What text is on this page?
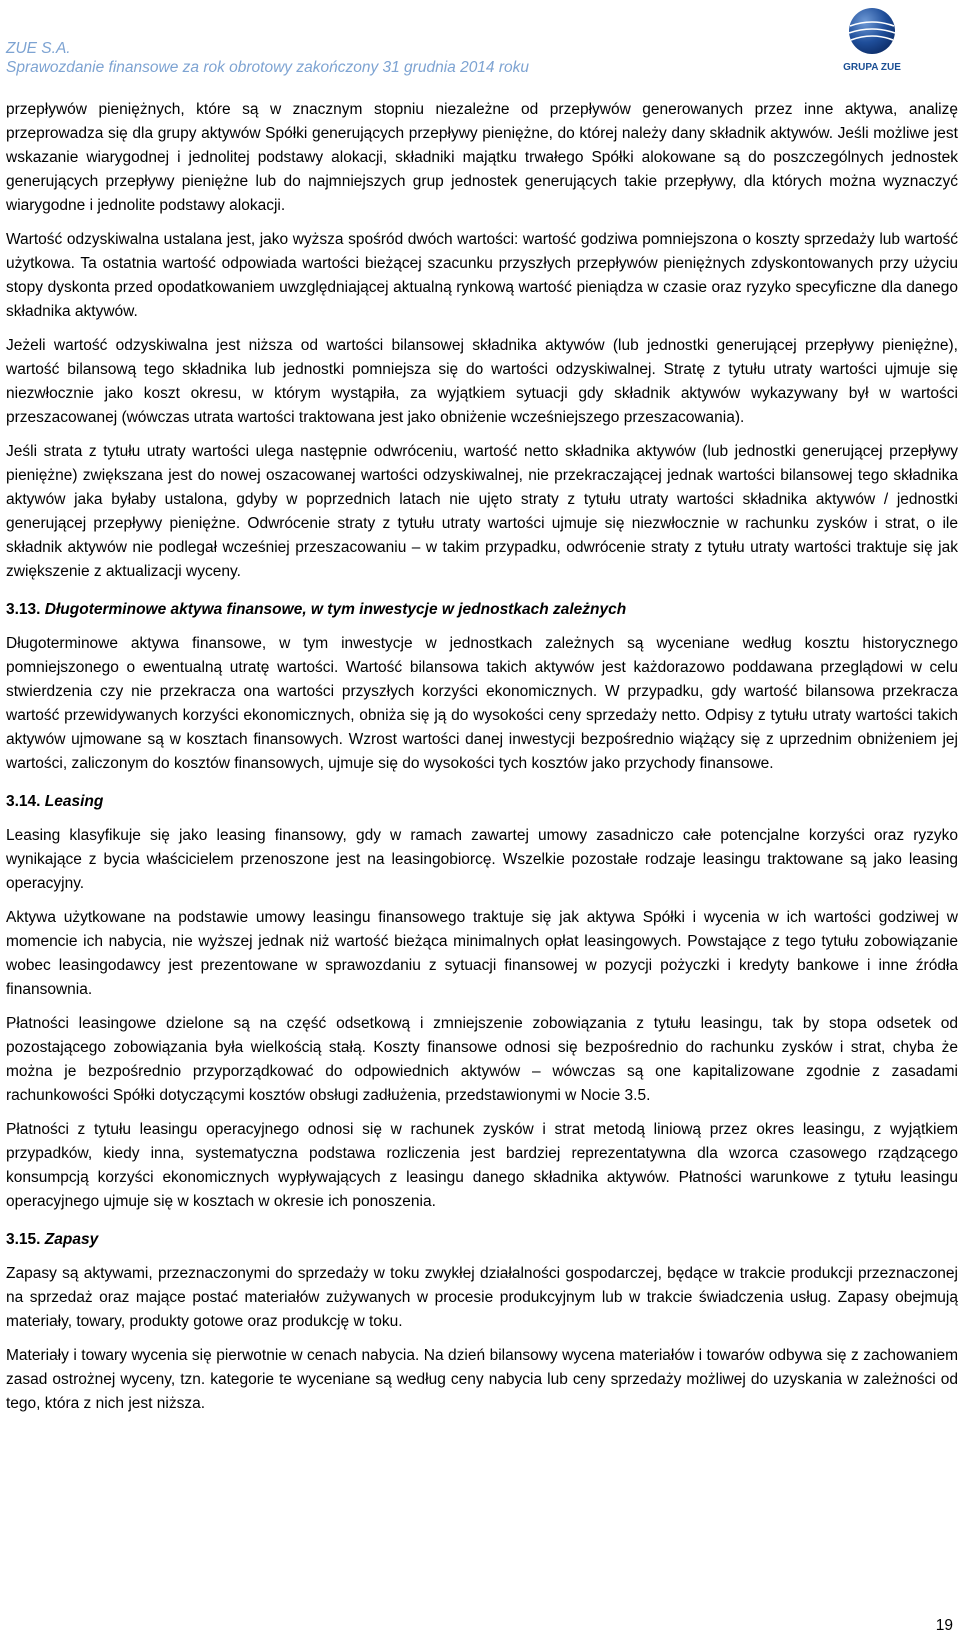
ZUE S.A.
Sprawozdanie finansowe za rok obrotowy zakończony 31 grudnia 2014 roku	GRUPA ZUE

przepływów pieniężnych, które są w znacznym stopniu niezależne od przepływów generowanych przez inne aktywa, analizę przeprowadza się dla grupy aktywów Spółki generujących przepływy pieniężne, do której należy dany składnik aktywów. Jeśli możliwe jest wskazanie wiarygodnej i jednolitej podstawy alokacji, składniki majątku trwałego Spółki alokowane są do poszczególnych jednostek generujących przepływy pieniężne lub do najmniejszych grup jednostek generujących takie przepływy, dla których można wyznaczyć wiarygodne i jednolite podstawy alokacji.

Wartość odzyskiwalna ustalana jest, jako wyższa spośród dwóch wartości: wartość godziwa pomniejszona o koszty sprzedaży lub wartość użytkowa. Ta ostatnia wartość odpowiada wartości bieżącej szacunku przyszłych przepływów pieniężnych zdyskontowanych przy użyciu stopy dyskonta przed opodatkowaniem uwzględniającej aktualną rynkową wartość pieniądza w czasie oraz ryzyko specyficzne dla danego składnika aktywów.

Jeżeli wartość odzyskiwalna jest niższa od wartości bilansowej składnika aktywów (lub jednostki generującej przepływy pieniężne), wartość bilansową tego składnika lub jednostki pomniejsza się do wartości odzyskiwalnej. Stratę z tytułu utraty wartości ujmuje się niezwłocznie jako koszt okresu, w którym wystąpiła, za wyjątkiem sytuacji gdy składnik aktywów wykazywany był w wartości przeszacowanej (wówczas utrata wartości traktowana jest jako obniżenie wcześniejszego przeszacowania).

Jeśli strata z tytułu utraty wartości ulega następnie odwróceniu, wartość netto składnika aktywów (lub jednostki generującej przepływy pieniężne) zwiększana jest do nowej oszacowanej wartości odzyskiwalnej, nie przekraczającej jednak wartości bilansowej tego składnika aktywów jaka byłaby ustalona, gdyby w poprzednich latach nie ujęto straty z tytułu utraty wartości składnika aktywów / jednostki generującej przepływy pieniężne. Odwrócenie straty z tytułu utraty wartości ujmuje się niezwłocznie w rachunku zysków i strat, o ile składnik aktywów nie podlegał wcześniej przeszacowaniu – w takim przypadku, odwrócenie straty z tytułu utraty wartości traktuje się jak zwiększenie z aktualizacji wyceny.

3.13. Długoterminowe aktywa finansowe, w tym inwestycje w jednostkach zależnych

Długoterminowe aktywa finansowe, w tym inwestycje w jednostkach zależnych są wyceniane według kosztu historycznego pomniejszonego o ewentualną utratę wartości. Wartość bilansowa takich aktywów jest każdorazowo poddawana przeglądowi w celu stwierdzenia czy nie przekracza ona wartości przyszłych korzyści ekonomicznych. W przypadku, gdy wartość bilansowa przekracza wartość przewidywanych korzyści ekonomicznych, obniża się ją do wysokości ceny sprzedaży netto. Odpisy z tytułu utraty wartości takich aktywów ujmowane są w kosztach finansowych. Wzrost wartości danej inwestycji bezpośrednio wiążący się z uprzednim obniżeniem jej wartości, zaliczonym do kosztów finansowych, ujmuje się do wysokości tych kosztów jako przychody finansowe.

3.14. Leasing

Leasing klasyfikuje się jako leasing finansowy, gdy w ramach zawartej umowy zasadniczo całe potencjalne korzyści oraz ryzyko wynikające z bycia właścicielem przenoszone jest na leasingobiorcę. Wszelkie pozostałe rodzaje leasingu traktowane są jako leasing operacyjny.

Aktywa użytkowane na podstawie umowy leasingu finansowego traktuje się jak aktywa Spółki i wycenia w ich wartości godziwej w momencie ich nabycia, nie wyższej jednak niż wartość bieżąca minimalnych opłat leasingowych. Powstające z tego tytułu zobowiązanie wobec leasingodawcy jest prezentowane w sprawozdaniu z sytuacji finansowej w pozycji pożyczki i kredyty bankowe i inne źródła finansownia.

Płatności leasingowe dzielone są na część odsetkową i zmniejszenie zobowiązania z tytułu leasingu, tak by stopa odsetek od pozostającego zobowiązania była wielkością stałą. Koszty finansowe odnosi się bezpośrednio do rachunku zysków i strat, chyba że można je bezpośrednio przyporządkować do odpowiednich aktywów – wówczas są one kapitalizowane zgodnie z zasadami rachunkowości Spółki dotyczącymi kosztów obsługi zadłużenia, przedstawionymi w Nocie 3.5.

Płatności z tytułu leasingu operacyjnego odnosi się w rachunek zysków i strat metodą liniową przez okres leasingu, z wyjątkiem przypadków, kiedy inna, systematyczna podstawa rozliczenia jest bardziej reprezentatywna dla wzorca czasowego rządzącego konsumpcją korzyści ekonomicznych wypływających z leasingu danego składnika aktywów. Płatności warunkowe z tytułu leasingu operacyjnego ujmuje się w kosztach w okresie ich ponoszenia.

3.15. Zapasy

Zapasy są aktywami, przeznaczonymi do sprzedaży w toku zwykłej działalności gospodarczej, będące w trakcie produkcji przeznaczonej na sprzedaż oraz mające postać materiałów zużywanych w procesie produkcyjnym lub w trakcie świadczenia usług. Zapasy obejmują materiały, towary, produkty gotowe oraz produkcję w toku.

Materiały i towary wycenia się pierwotnie w cenach nabycia. Na dzień bilansowy wycena materiałów i towarów odbywa się z zachowaniem zasad ostrożnej wyceny, tzn. kategorie te wyceniane są według ceny nabycia lub ceny sprzedaży możliwej do uzyskania w zależności od tego, która z nich jest niższa.

19
